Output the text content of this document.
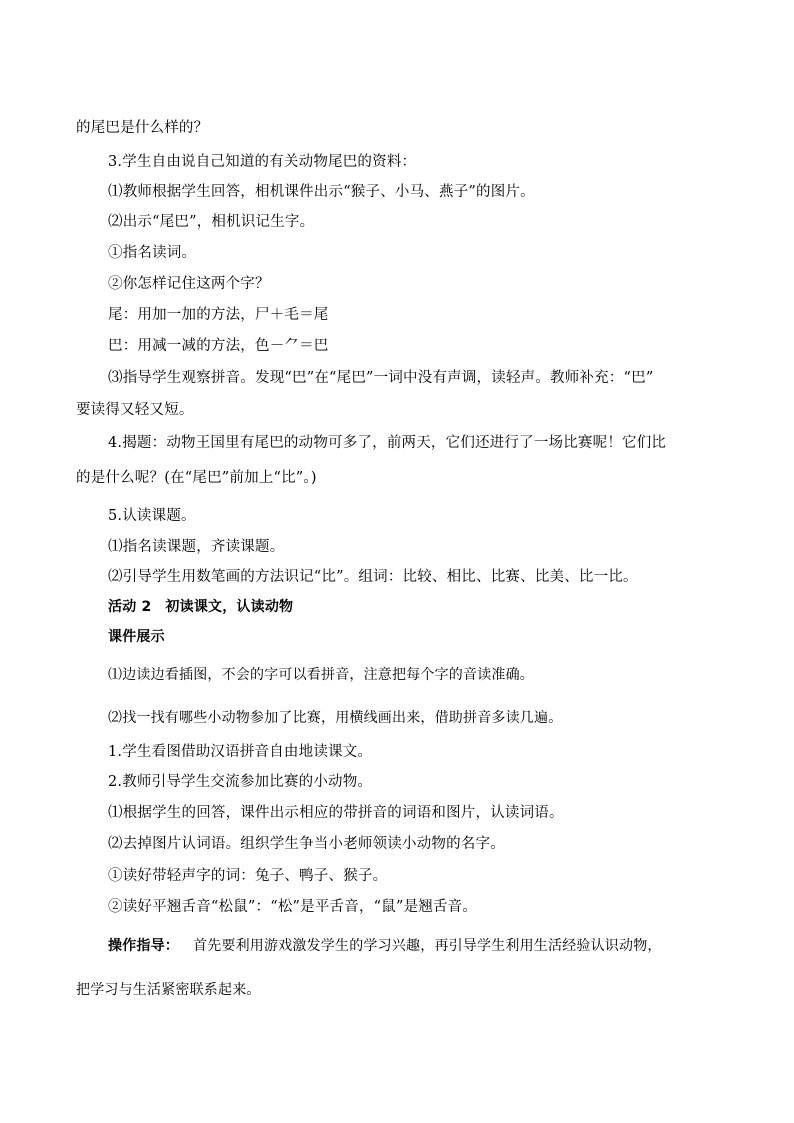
的尾巴是什么样的？
3.学生自由说自己知道的有关动物尾巴的资料：
⑴教师根据学生回答，相机课件出示“猴子、小马、燕子”的图片。
⑵出示“尾巴”，相机识记生字。
①指名读词。
②你怎样记住这两个字？
尾：用加一加的方法，尸＋毛＝尾
巴：用减一减的方法，色－⺈＝巴
⑶指导学生观察拼音。发现“巴”在“尾巴”一词中没有声调，读轻声。教师补充：“巴”
要读得又轻又短。
4.揭题：动物王国里有尾巴的动物可多了，前两天，它们还进行了一场比赛呢！它们比
的是什么呢？(在“尾巴”前加上“比”。)
5.认读课题。
⑴指名读课题，齐读课题。
⑵引导学生用数笔画的方法识记“比”。组词：比较、相比、比赛、比美、比一比。
活动 2 初读课文，认读动物
课件展示
⑴边读边看插图，不会的字可以看拼音，注意把每个字的音读准确。
⑵找一找有哪些小动物参加了比赛，用横线画出来，借助拼音多读几遍。
1.学生看图借助汉语拼音自由地读课文。
2.教师引导学生交流参加比赛的小动物。
⑴根据学生的回答，课件出示相应的带拼音的词语和图片，认读词语。
⑵去掉图片认词语。组织学生争当小老师领读小动物的名字。
①读好带轻声字的词：兔子、鸭子、猴子。
②读好平翘舌音“松鼠”：“松”是平舌音，“鼠”是翘舌音。
操作指导： 首先要利用游戏激发学生的学习兴趣，再引导学生利用生活经验认识动物，
把学习与生活紧密联系起来。
